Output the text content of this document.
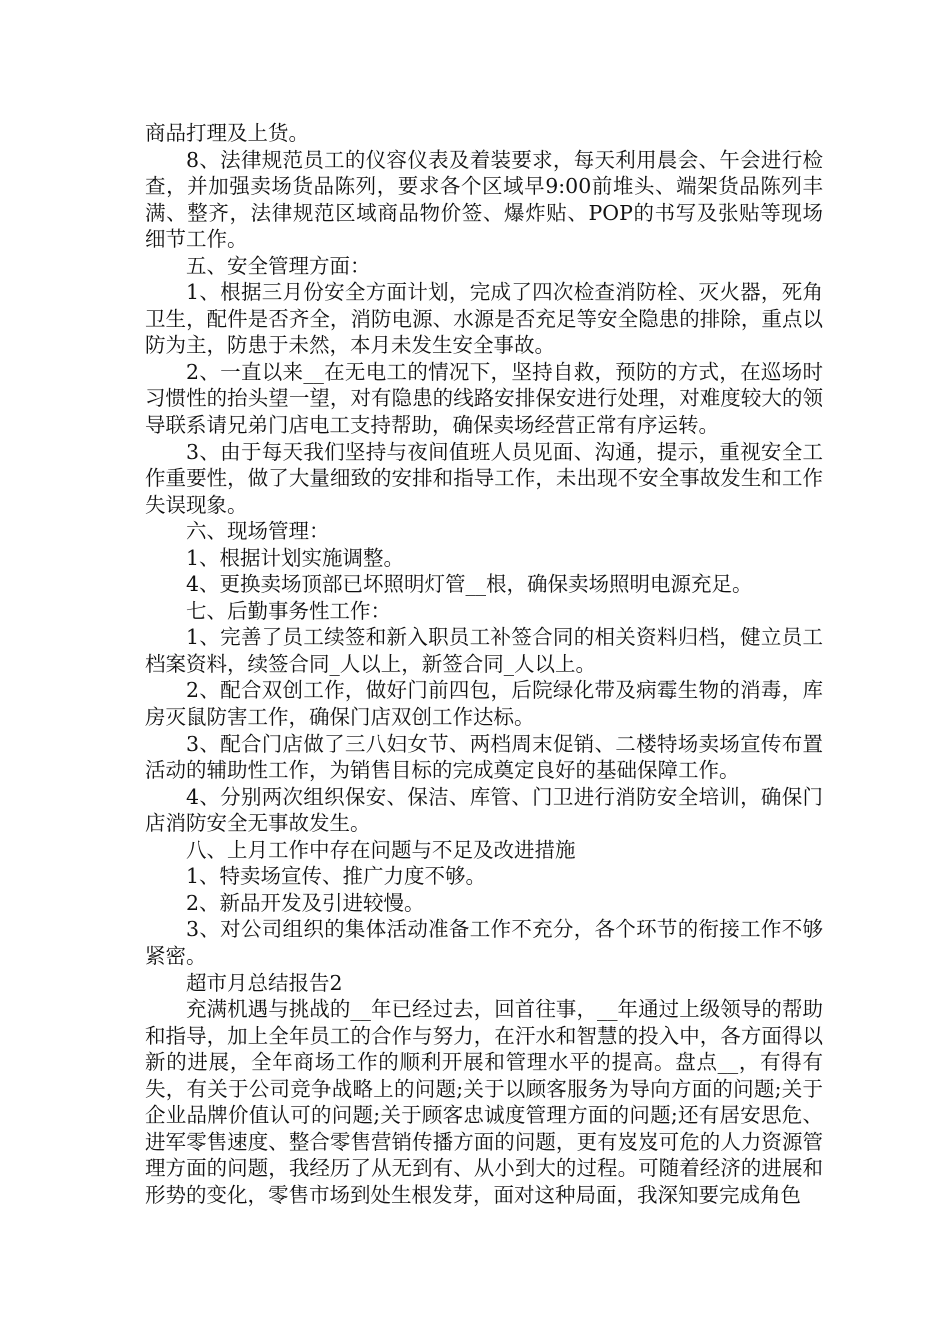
商品打理及上货。

8、法律规范员工的仪容仪表及着装要求，每天利用晨会、午会进行检查，并加强卖场货品陈列，要求各个区域早9:00前堆头、端架货品陈列丰满、整齐，法律规范区域商品物价签、爆炸贴、POP的书写及张贴等现场细节工作。

五、安全管理方面：

1、根据三月份安全方面计划，完成了四次检查消防栓、灭火器，死角卫生，配件是否齐全，消防电源、水源是否充足等安全隐患的排除，重点以防为主，防患于未然，本月未发生安全事故。

2、一直以来__在无电工的情况下，坚持自救，预防的方式，在巡场时习惯性的抬头望一望，对有隐患的线路安排保安进行处理，对难度较大的领导联系请兄弟门店电工支持帮助，确保卖场经营正常有序运转。

3、由于每天我们坚持与夜间值班人员见面、沟通，提示，重视安全工作重要性，做了大量细致的安排和指导工作，未出现不安全事故发生和工作失误现象。

六、现场管理：

1、根据计划实施调整。

4、更换卖场顶部已坏照明灯管__根，确保卖场照明电源充足。

七、后勤事务性工作：

1、完善了员工续签和新入职员工补签合同的相关资料归档，健立员工档案资料，续签合同_人以上，新签合同_人以上。

2、配合双创工作，做好门前四包，后院绿化带及病霉生物的消毒，库房灭鼠防害工作，确保门店双创工作达标。

3、配合门店做了三八妇女节、两档周末促销、二楼特场卖场宣传布置活动的辅助性工作，为销售目标的完成奠定良好的基础保障工作。

4、分别两次组织保安、保洁、库管、门卫进行消防安全培训，确保门店消防安全无事故发生。

八、上月工作中存在问题与不足及改进措施

1、特卖场宣传、推广力度不够。

2、新品开发及引进较慢。

3、对公司组织的集体活动准备工作不充分，各个环节的衔接工作不够紧密。

超市月总结报告2

充满机遇与挑战的__年已经过去，回首往事，__年通过上级领导的帮助和指导，加上全年员工的合作与努力，在汗水和智慧的投入中，各方面得以新的进展，全年商场工作的顺利开展和管理水平的提高。盘点__，有得有失，有关于公司竞争战略上的问题;关于以顾客服务为导向方面的问题;关于企业品牌价值认可的问题;关于顾客忠诚度管理方面的问题;还有居安思危、进军零售速度、整合零售营销传播方面的问题，更有岌岌可危的人力资源管理方面的问题，我经历了从无到有、从小到大的过程。可随着经济的进展和形势的变化，零售市场到处生根发芽，面对这种局面，我深知要完成角色
